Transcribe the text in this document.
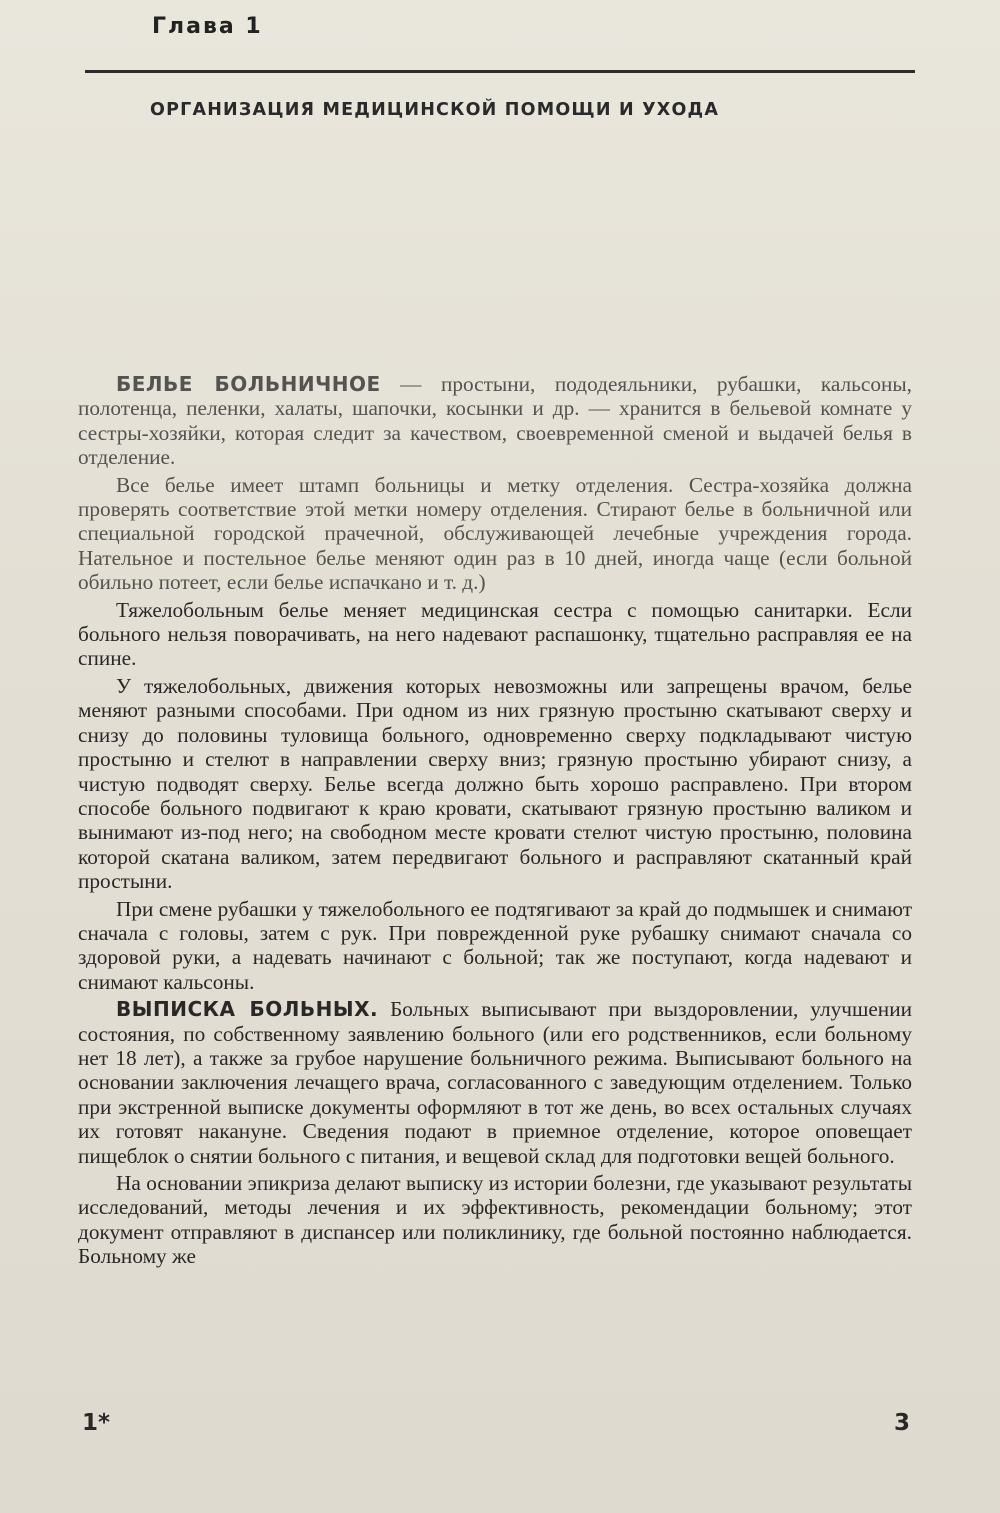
Глава 1
ОРГАНИЗАЦИЯ МЕДИЦИНСКОЙ ПОМОЩИ И УХОДА

БЕЛЬЕ БОЛЬНИЧНОЕ — простыни, пододеяльники, рубашки, кальсоны, полотенца, пеленки, халаты, шапочки, косынки и др. — хранится в бельевой комнате у сестры-хозяйки, которая следит за качеством, своевременной сменой и выдачей белья в отделение.

Все белье имеет штамп больницы и метку отделения. Сестра-хозяйка должна проверять соответствие этой метки номеру отделения. Стирают белье в больничной или специальной городской прачечной, обслуживающей лечебные учреждения города. Нательное и постельное белье меняют один раз в 10 дней, иногда чаще (если больной обильно потеет, если белье испачкано и т. д.)

Тяжелобольным белье меняет медицинская сестра с помощью санитарки. Если больного нельзя поворачивать, на него надевают распашонку, тщательно расправляя ее на спине.

У тяжелобольных, движения которых невозможны или запрещены врачом, белье меняют разными способами. При одном из них грязную простыню скатывают сверху и снизу до половины туловища больного, одновременно сверху подкладывают чистую простыню и стелют в направлении сверху вниз; грязную простыню убирают снизу, а чистую подводят сверху. Белье всегда должно быть хорошо расправлено. При втором способе больного подвигают к краю кровати, скатывают грязную простыню валиком и вынимают из-под него; на свободном месте кровати стелют чистую простыню, половина которой скатана валиком, затем передвигают больного и расправляют скатанный край простыни.

При смене рубашки у тяжелобольного ее подтягивают за край до подмышек и снимают сначала с головы, затем с рук. При поврежденной руке рубашку снимают сначала со здоровой руки, а надевать начинают с больной; так же поступают, когда надевают и снимают кальсоны.

ВЫПИСКА БОЛЬНЫХ. Больных выписывают при выздоровлении, улучшении состояния, по собственному заявлению больного (или его родственников, если больному нет 18 лет), а также за грубое нарушение больничного режима. Выписывают больного на основании заключения лечащего врача, согласованного с заведующим отделением. Только при экстренной выписке документы оформляют в тот же день, во всех остальных случаях их готовят накануне. Сведения подают в приемное отделение, которое оповещает пищеблок о снятии больного с питания, и вещевой склад для подготовки вещей больного.

На основании эпикриза делают выписку из истории болезни, где указывают результаты исследований, методы лечения и их эффективность, рекомендации больному; этот документ отправляют в диспансер или поликлинику, где больной постоянно наблюдается. Больному же

1*	3
